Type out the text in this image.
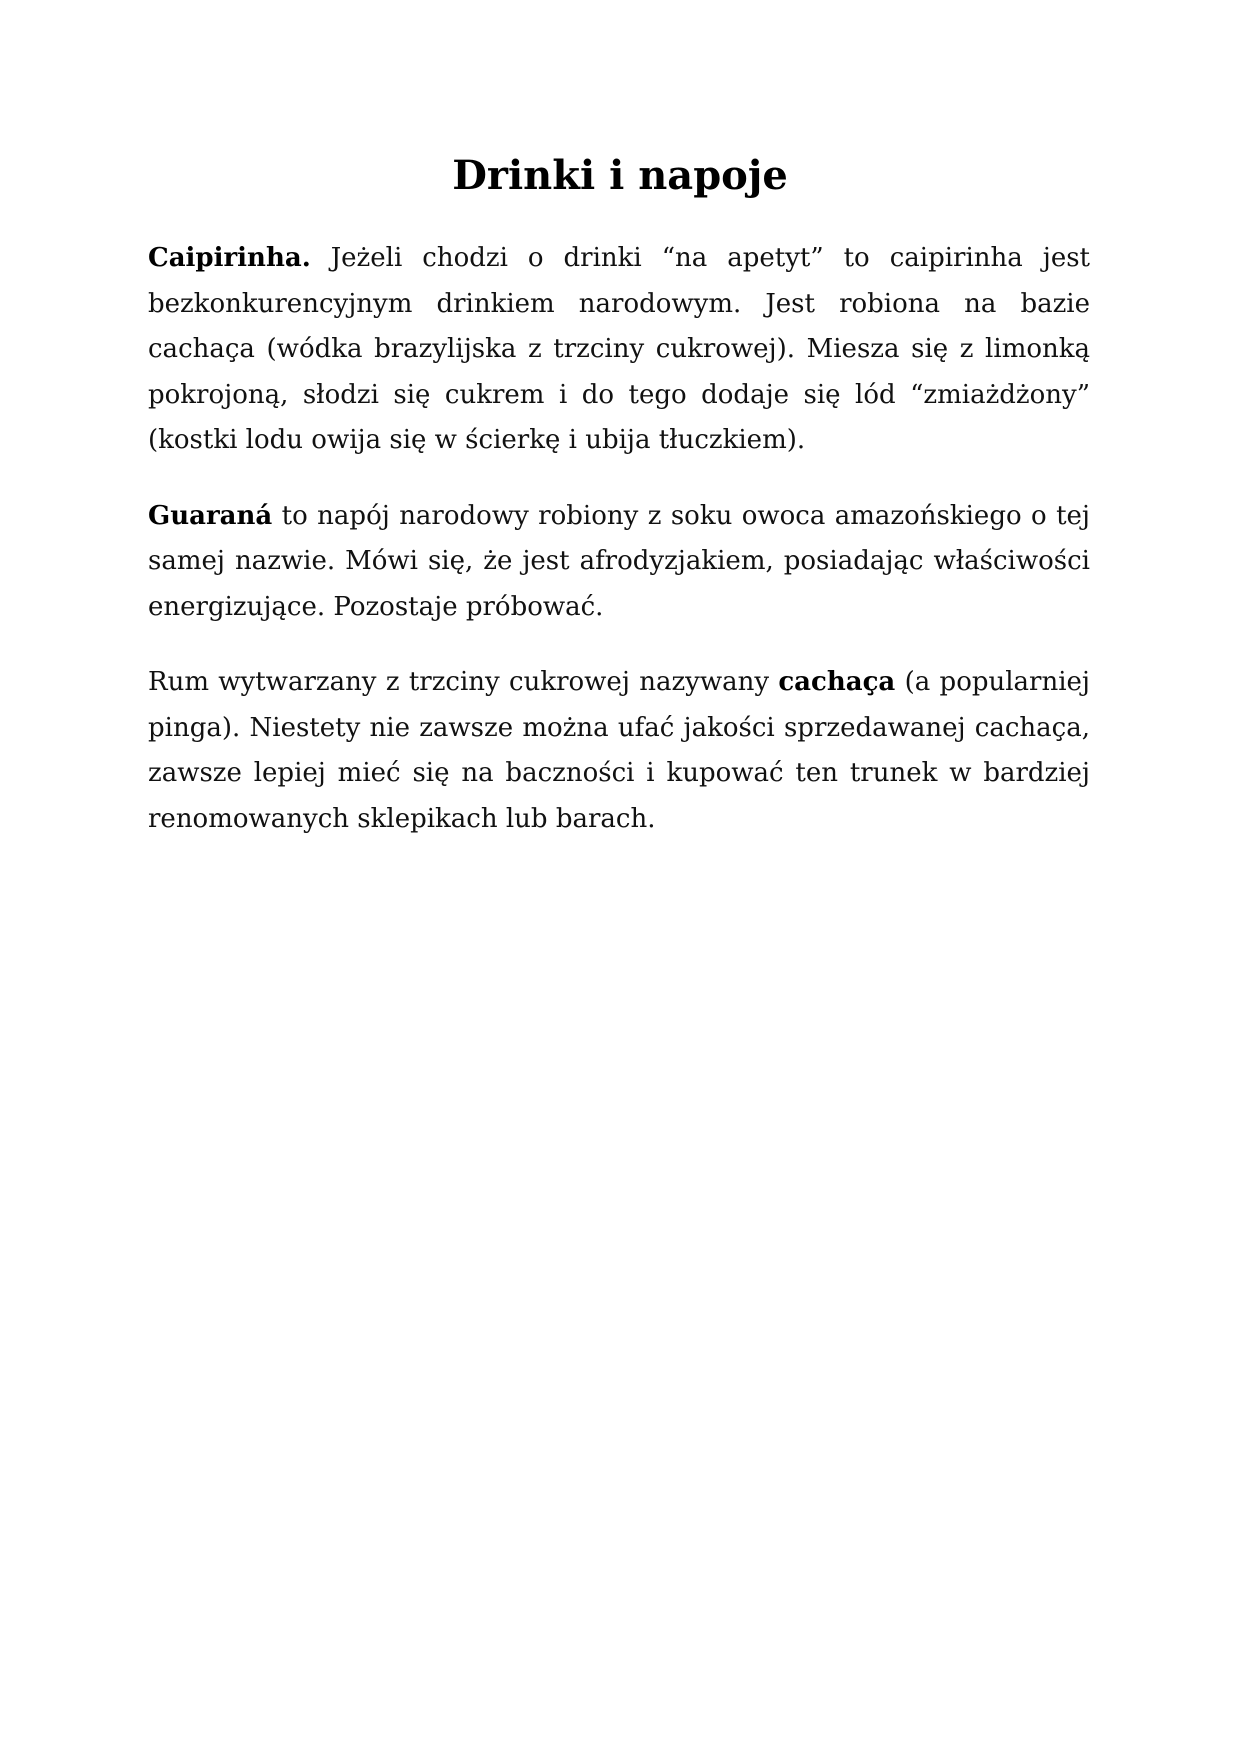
Drinki i napoje

Caipirinha. Jeżeli chodzi o drinki “na apetyt” to caipirinha jest bezkonkurencyjnym drinkiem narodowym. Jest robiona na bazie cachaça (wódka brazylijska z trzciny cukrowej). Miesza się z limonką pokrojoną, słodzi się cukrem i do tego dodaje się lód “zmiażdżony” (kostki lodu owija się w ścierkę i ubija tłuczkiem).

Guaraná to napój narodowy robiony z soku owoca amazońskiego o tej samej nazwie. Mówi się, że jest afrodyzjakiem, posiadając właściwości energizujące. Pozostaje próbować.

Rum wytwarzany z trzciny cukrowej nazywany cachaça (a popularniej pinga). Niestety nie zawsze można ufać jakości sprzedawanej cachaça, zawsze lepiej mieć się na baczności i kupować ten trunek w bardziej renomowanych sklepikach lub barach.
